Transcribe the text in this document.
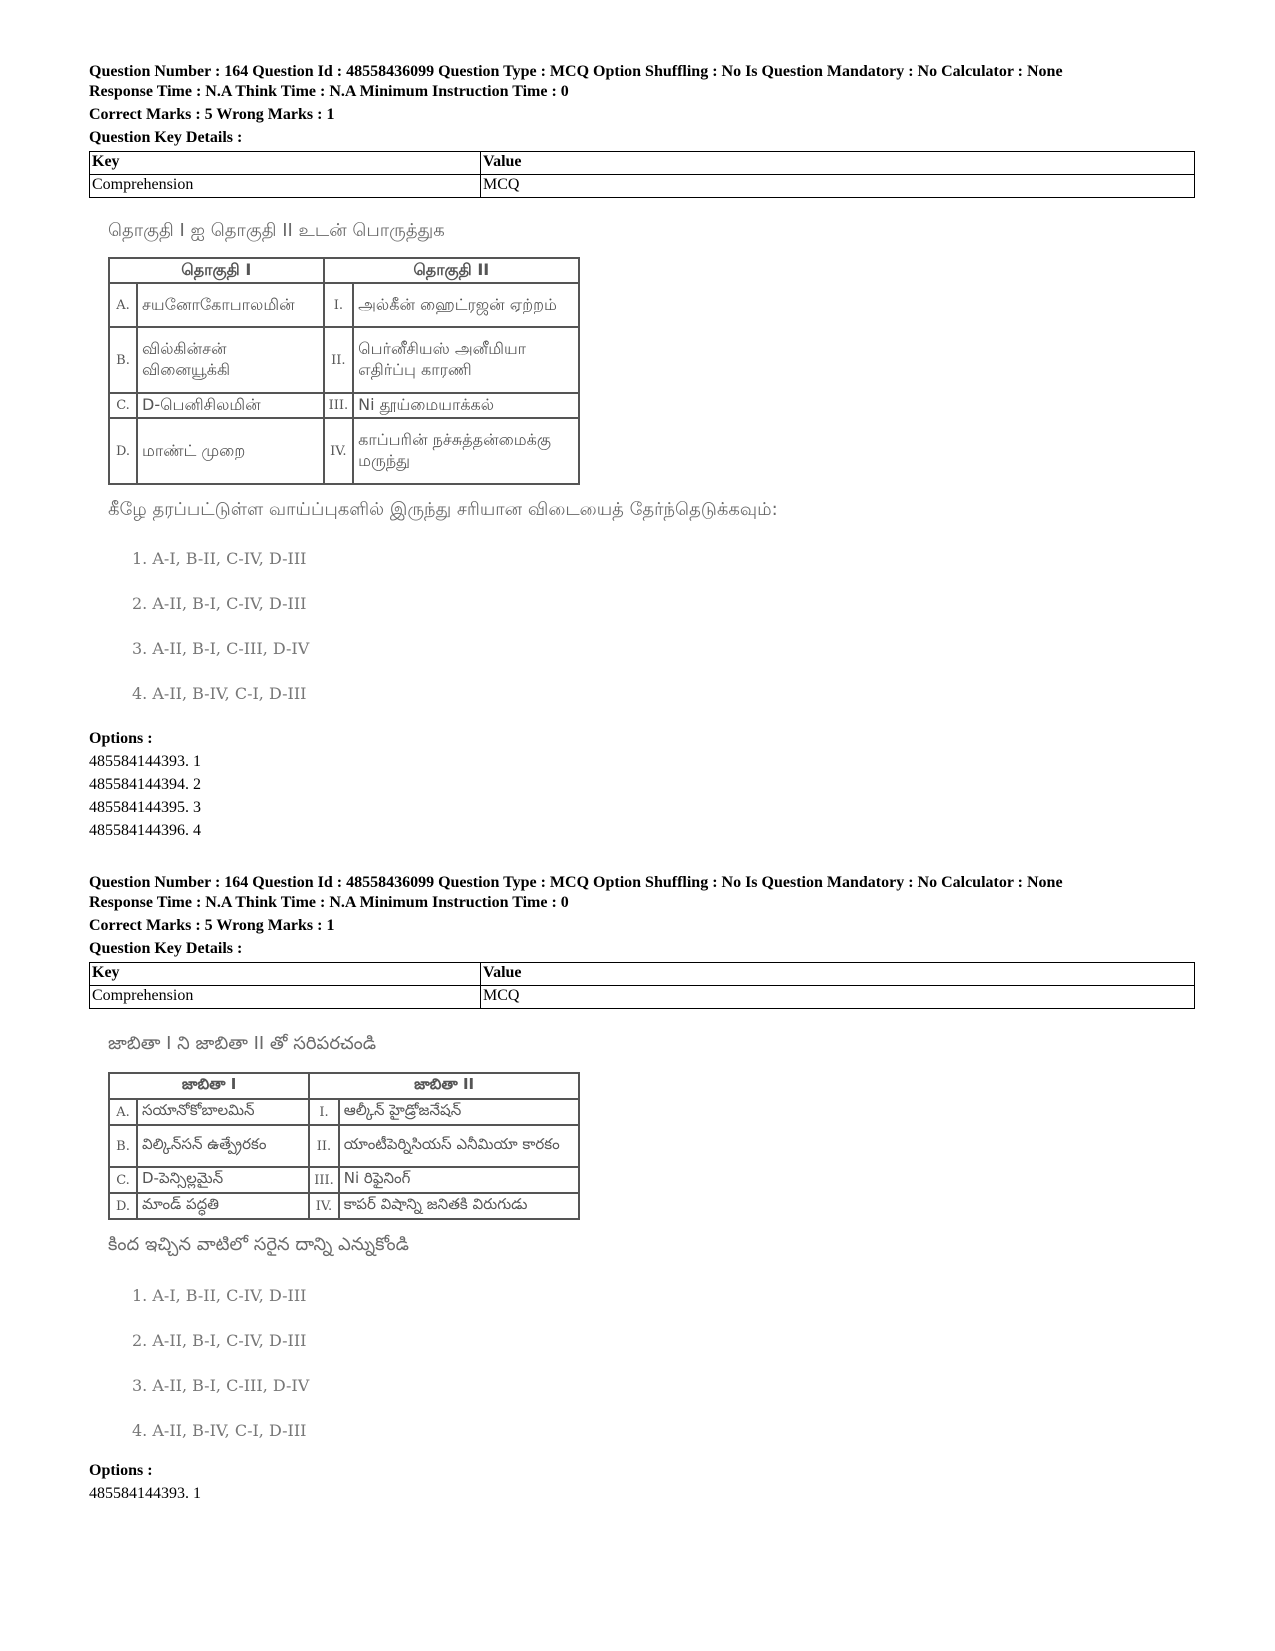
Question Number : 164 Question Id : 48558436099 Question Type : MCQ Option Shuffling : No Is Question Mandatory : No Calculator : None
Response Time : N.A Think Time : N.A Minimum Instruction Time : 0
Correct Marks : 5 Wrong Marks : 1
Question Key Details :
Key	Value
Comprehension	MCQ
தொகுதி I ஐ தொகுதி II உடன் பொருத்துக
தொகுதி I		தொகுதி II	
A.	சயனோகோபாலமின்	I.	அல்கீன் ஹைட்ரஜன் ஏற்றம்
B.	வில்கின்சன் வினையூக்கி	II.	பெர்னீசியஸ் அனீமியா எதிர்ப்பு காரணி
C.	D-பெனிசிலமின்	III.	Ni தூய்மையாக்கல்
D.	மாண்ட் முறை	IV.	காப்பரின் நச்சுத்தன்மைக்கு மருந்து
கீழே தரப்பட்டுள்ள வாய்ப்புகளில் இருந்து சரியான விடையைத் தேர்ந்தெடுக்கவும்:
1. A-I, B-II, C-IV, D-III
2. A-II, B-I, C-IV, D-III
3. A-II, B-I, C-III, D-IV
4. A-II, B-IV, C-I, D-III
Options :
485584144393. 1
485584144394. 2
485584144395. 3
485584144396. 4
Question Number : 164 Question Id : 48558436099 Question Type : MCQ Option Shuffling : No Is Question Mandatory : No Calculator : None
Response Time : N.A Think Time : N.A Minimum Instruction Time : 0
Correct Marks : 5 Wrong Marks : 1
Question Key Details :
Key	Value
Comprehension	MCQ
జాబితా I ని జాబితా II తో సరిపరచండి
జాబితా I		జాబితా II	
A.	సయానోకోబాలమిన్	I.	ఆల్కీన్ హైడ్రోజనేషన్
B.	విల్కిన్‌సన్ ఉత్ప్రేరకం	II.	యాంటీపెర్నిసియస్ ఎనీమియా కారకం
C.	D-పెన్సిల్లమైన్	III.	Ni రిఫైనింగ్
D.	మాండ్ పద్ధతి	IV.	కాపర్ విషాన్ని జనితకి విరుగుడు
కింద ఇచ్చిన వాటిలో సరైన దాన్ని ఎన్నుకోండి
1. A-I, B-II, C-IV, D-III
2. A-II, B-I, C-IV, D-III
3. A-II, B-I, C-III, D-IV
4. A-II, B-IV, C-I, D-III
Options :
485584144393. 1
